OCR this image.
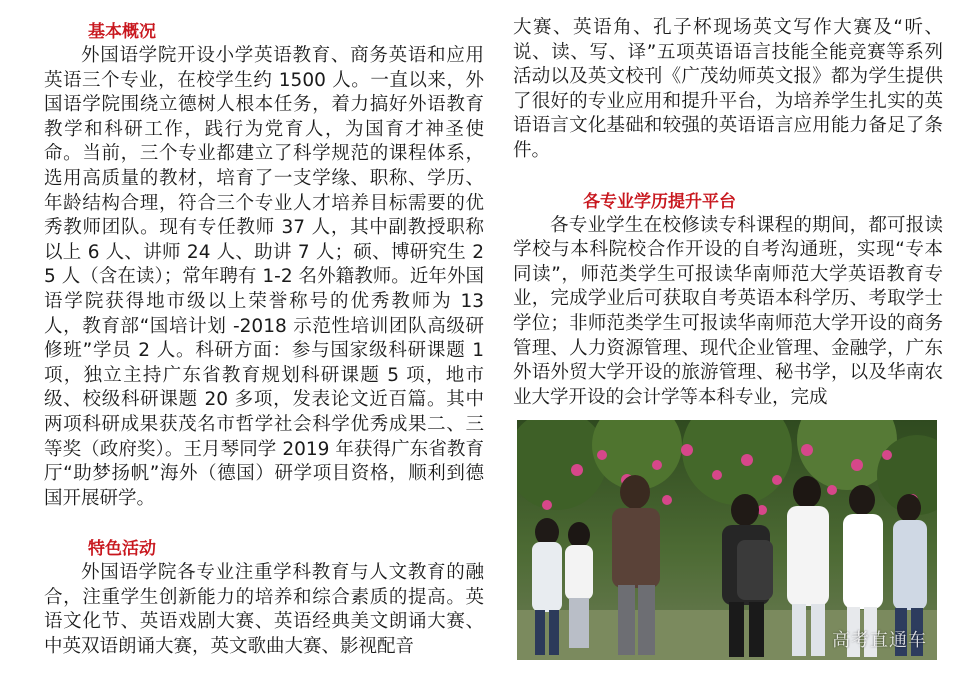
基本概况

外国语学院开设小学英语教育、商务英语和应用英语三个专业，在校学生约 1500 人。一直以来，外国语学院围绕立德树人根本任务，着力搞好外语教育教学和科研工作，践行为党育人，为国育才神圣使命。当前，三个专业都建立了科学规范的课程体系，选用高质量的教材，培育了一支学缘、职称、学历、年龄结构合理，符合三个专业人才培养目标需要的优秀教师团队。现有专任教师 37 人，其中副教授职称以上 6 人、讲师 24 人、助讲 7 人；硕、博研究生 25 人（含在读）；常年聘有 1-2 名外籍教师。近年外国语学院获得地市级以上荣誉称号的优秀教师为 13 人，教育部“国培计划 -2018 示范性培训团队高级研修班”学员 2 人。科研方面：参与国家级科研课题 1 项，独立主持广东省教育规划科研课题 5 项，地市级、校级科研课题 20 多项，发表论文近百篇。其中两项科研成果获茂名市哲学社会科学优秀成果二、三等奖（政府奖）。王月琴同学 2019 年获得广东省教育厅“助梦扬帆”海外（德国）研学项目资格，顺利到德国开展研学。

特色活动

外国语学院各专业注重学科教育与人文教育的融合，注重学生创新能力的培养和综合素质的提高。英语文化节、英语戏剧大赛、英语经典美文朗诵大赛、中英双语朗诵大赛，英文歌曲大赛、影视配音

大赛、英语角、孔子杯现场英文写作大赛及“听、说、读、写、译”五项英语语言技能全能竞赛等系列活动以及英文校刊《广茂幼师英文报》都为学生提供了很好的专业应用和提升平台，为培养学生扎实的英语语言文化基础和较强的英语语言应用能力备足了条件。

各专业学历提升平台

各专业学生在校修读专科课程的期间，都可报读学校与本科院校合作开设的自考沟通班，实现“专本同读”，师范类学生可报读华南师范大学英语教育专业，完成学业后可获取自考英语本科学历、考取学士学位；非师范类学生可报读华南师范大学开设的商务管理、人力资源管理、现代企业管理、金融学，广东外语外贸大学开设的旅游管理、秘书学，以及华南农业大学开设的会计学等本科专业，完成

高考直通车
